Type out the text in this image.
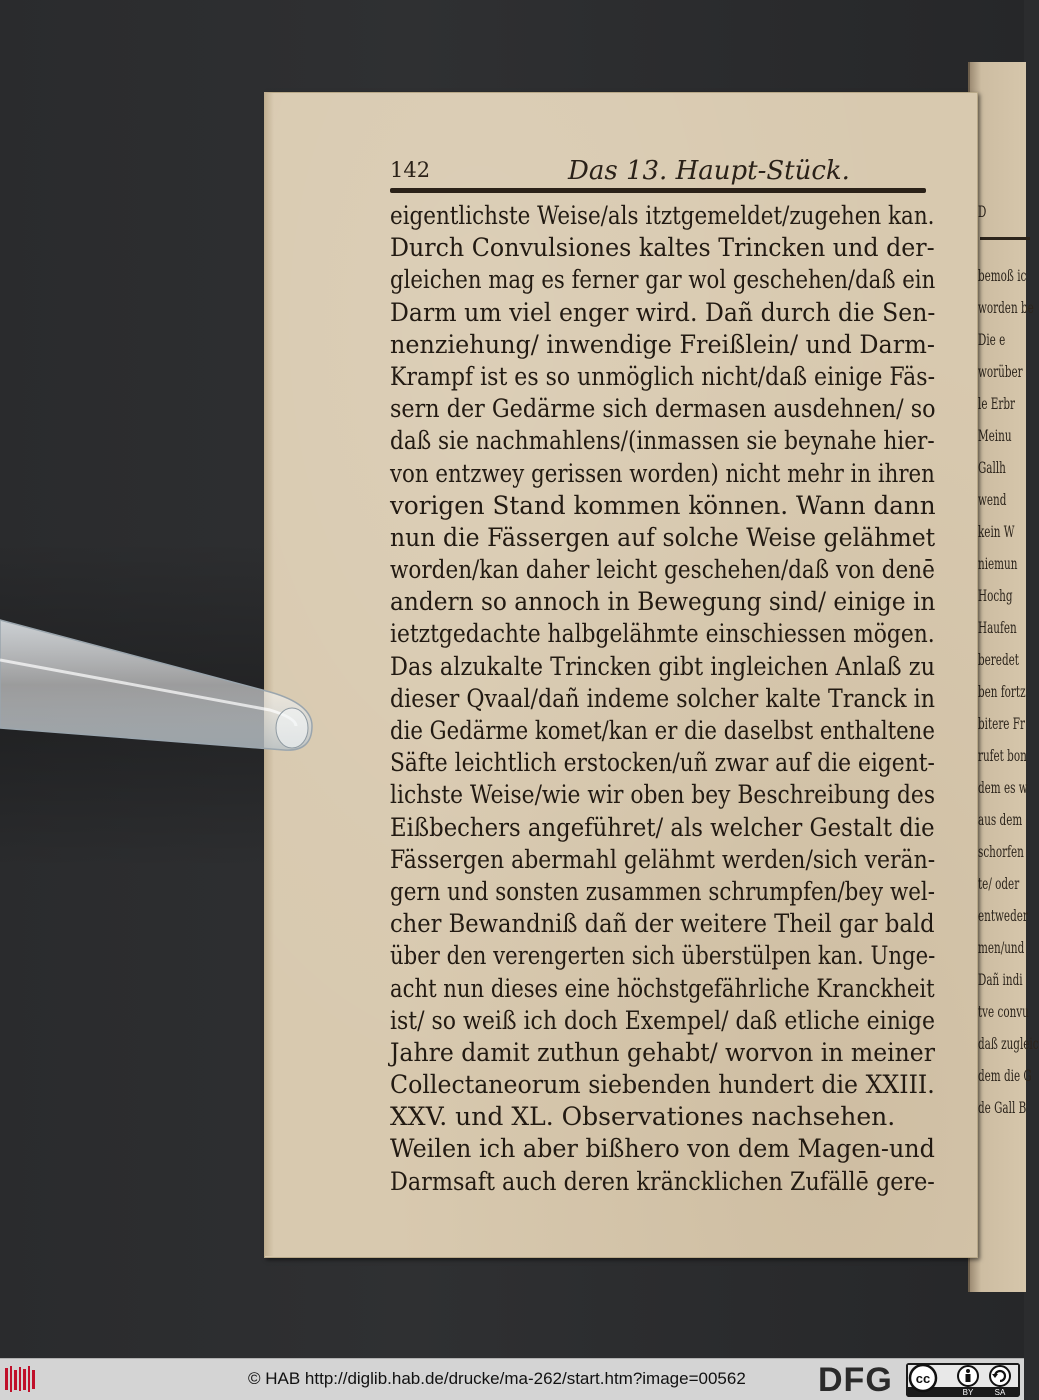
D
bemoß ic
worden be
Die e
worüber
le Erbr
Meinu
Gallh
wend
kein W
niemun
Hochg
Haufen
beredet
ben fortz
bitere Fr
rufet bon
dem es w
aus dem
schorfen
te/ oder
entweder
men/und
Dañ indi
tve convu
daß zugleic
dem die G
de Gall B
142	Das 13. Haupt-Stück.
eigentlichste Weise/als itztgemeldet/zugehen kan.
Durch Convulsiones kaltes Trincken und der-
gleichen mag es ferner gar wol geschehen/daß ein
Darm um viel enger wird. Dañ durch die Sen-
nenziehung/ inwendige Freißlein/ und Darm-
Krampf ist es so unmöglich nicht/daß einige Fäs-
sern der Gedärme sich dermasen ausdehnen/ so
daß sie nachmahlens/(inmassen sie beynahe hier-
von entzwey gerissen worden) nicht mehr in ihren
vorigen Stand kommen können. Wann dann
nun die Fässergen auf solche Weise gelähmet
worden/kan daher leicht geschehen/daß von denē
andern so annoch in Bewegung sind/ einige in
ietztgedachte halbgelähmte einschiessen mögen.
Das alzukalte Trincken gibt ingleichen Anlaß zu
dieser Qvaal/dañ indeme solcher kalte Tranck in
die Gedärme komet/kan er die daselbst enthaltene
Säfte leichtlich erstocken/uñ zwar auf die eigent-
lichste Weise/wie wir oben bey Beschreibung des
Eißbechers angeführet/ als welcher Gestalt die
Fässergen abermahl gelähmt werden/sich verän-
gern und sonsten zusammen schrumpfen/bey wel-
cher Bewandniß dañ der weitere Theil gar bald
über den verengerten sich überstülpen kan. Unge-
acht nun dieses eine höchstgefährliche Kranckheit
ist/ so weiß ich doch Exempel/ daß etliche einige
Jahre damit zuthun gehabt/ worvon in meiner
Collectaneorum siebenden hundert die XXIII.
XXV. und XL. Observationes nachsehen.
Weilen ich aber bißhero von dem Magen-und
Darmsaft auch deren kräncklichen Zufällē gere-
© HAB http://diglib.hab.de/drucke/ma-262/start.htm?image=00562 DFG cc
BY	SA
